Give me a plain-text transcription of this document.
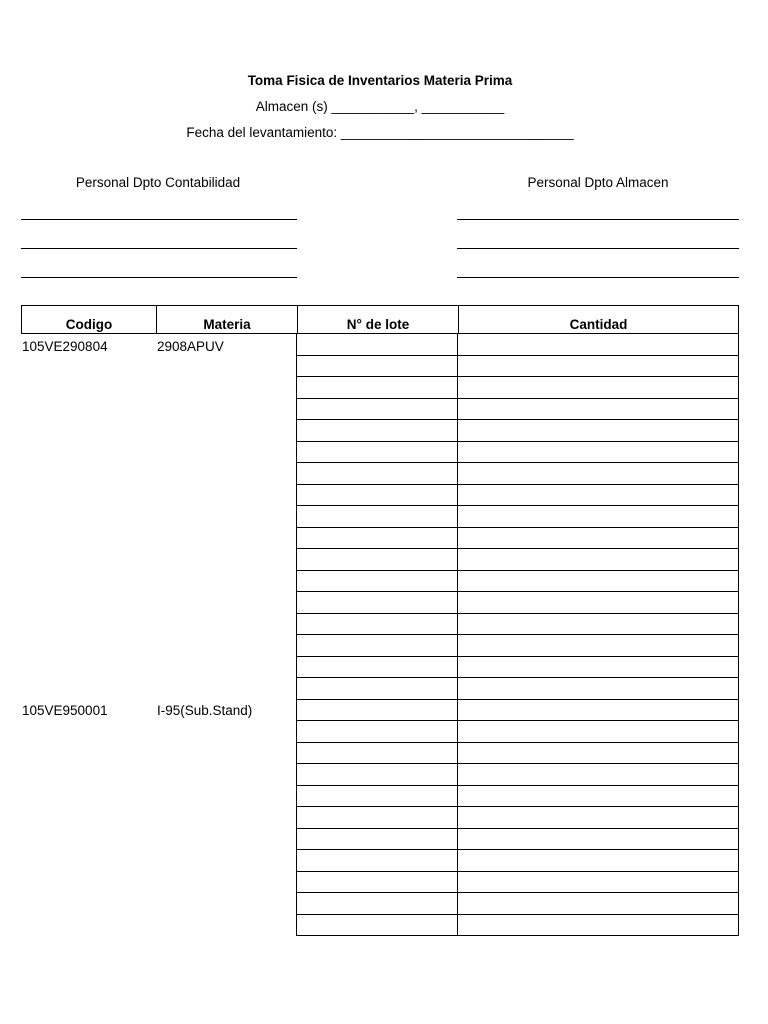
Toma Fisica de Inventarios Materia Prima
Almacen (s) ___________, ___________
Fecha del levantamiento: _______________________________
Personal Dpto Contabilidad	Personal Dpto Almacen
Codigo	Materia	N° de lote	Cantidad
105VE290804	2908APUV
105VE950001	I-95(Sub.Stand)
